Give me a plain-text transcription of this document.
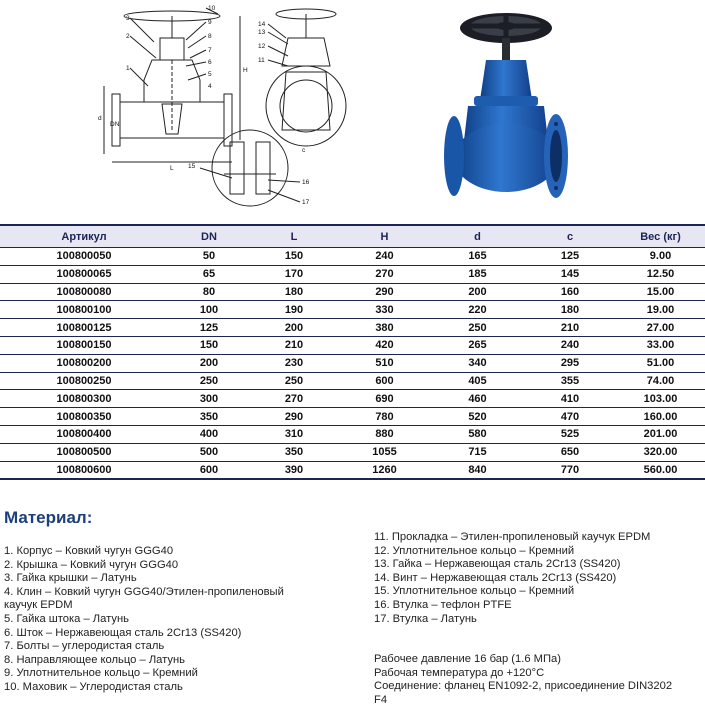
3
2
1
10
9
8
7
6
5
4
14
13
12
11
15
16
17
d
L
H
c
DN
Артикул	DN	L	H	d	c	Вес (кг)
100800050	50	150	240	165	125	9.00
100800065	65	170	270	185	145	12.50
100800080	80	180	290	200	160	15.00
100800100	100	190	330	220	180	19.00
100800125	125	200	380	250	210	27.00
100800150	150	210	420	265	240	33.00
100800200	200	230	510	340	295	51.00
100800250	250	250	600	405	355	74.00
100800300	300	270	690	460	410	103.00
100800350	350	290	780	520	470	160.00
100800400	400	310	880	580	525	201.00
100800500	500	350	1055	715	650	320.00
100800600	600	390	1260	840	770	560.00
Материал:
1. Корпус – Ковкий чугун GGG40
2. Крышка – Ковкий чугун GGG40
3. Гайка крышки – Латунь
4. Клин – Ковкий чугун GGG40/Этилен-пропиленовый
каучук EPDM
5. Гайка штока – Латунь
6. Шток – Нержавеющая сталь 2Cr13 (SS420)
7. Болты – углеродистая сталь
8. Направляющее кольцо – Латунь
9. Уплотнительное кольцо – Кремний
10. Маховик – Углеродистая сталь
11. Прокладка – Этилен-пропиленовый каучук EPDM
12. Уплотнительное кольцо – Кремний
13. Гайка – Нержавеющая сталь 2Cr13 (SS420)
14. Винт – Нержавеющая сталь 2Cr13 (SS420)
15. Уплотнительное кольцо – Кремний
16. Втулка – тефлон PTFE
17. Втулка – Латунь
Рабочее давление 16 бар (1.6 МПа)
Рабочая температура до +120°C
Соединение: фланец EN1092-2, присоединение DIN3202
F4
